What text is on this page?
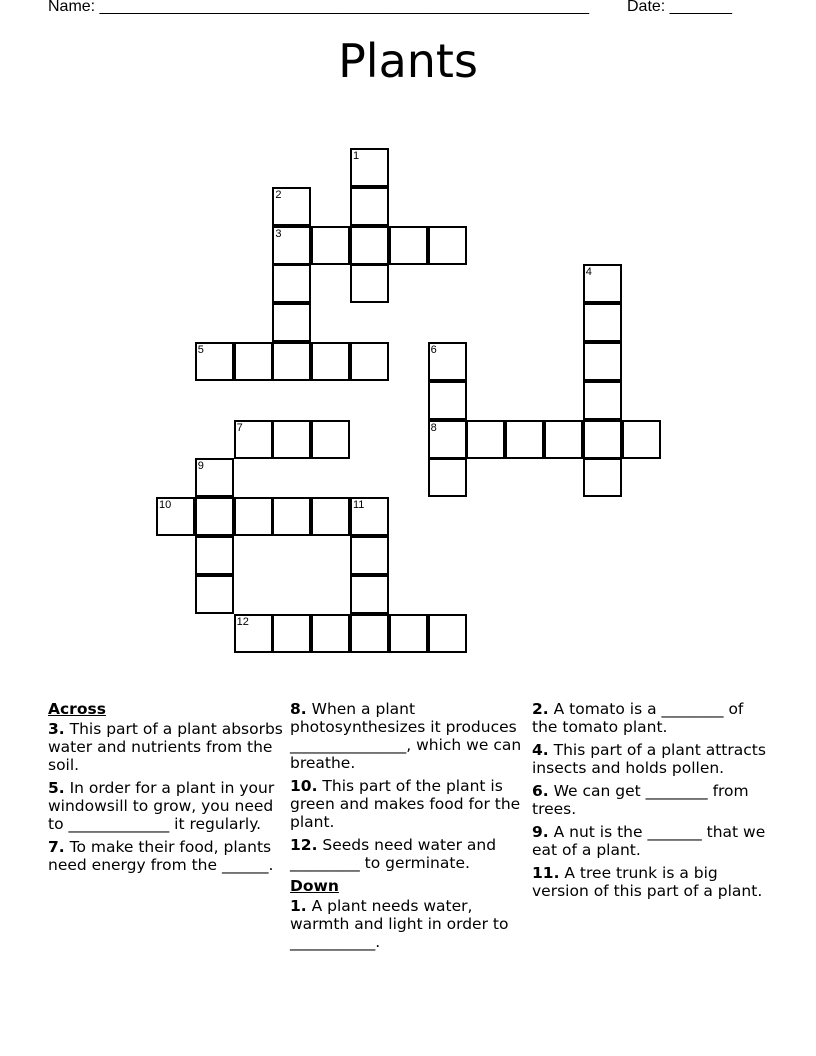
Name: _______________________________________________________ Date: _______
Plants
1
2
3
4
5	6
8
7
9
10	11
12
Across
3. This part of a plant absorbs water and nutrients from the soil.
5. In order for a plant in your windowsill to grow, you need to _____________ it regularly.
7. To make their food, plants need energy from the ______.
8. When a plant photosynthesizes it produces _______________, which we can breathe.
10. This part of the plant is green and makes food for the plant.
12. Seeds need water and _________ to germinate.
Down
1. A plant needs water, warmth and light in order to ___________.
2. A tomato is a ________ of the tomato plant.
4. This part of a plant attracts insects and holds pollen.
6. We can get ________ from trees.
9. A nut is the _______ that we eat of a plant.
11. A tree trunk is a big version of this part of a plant.
